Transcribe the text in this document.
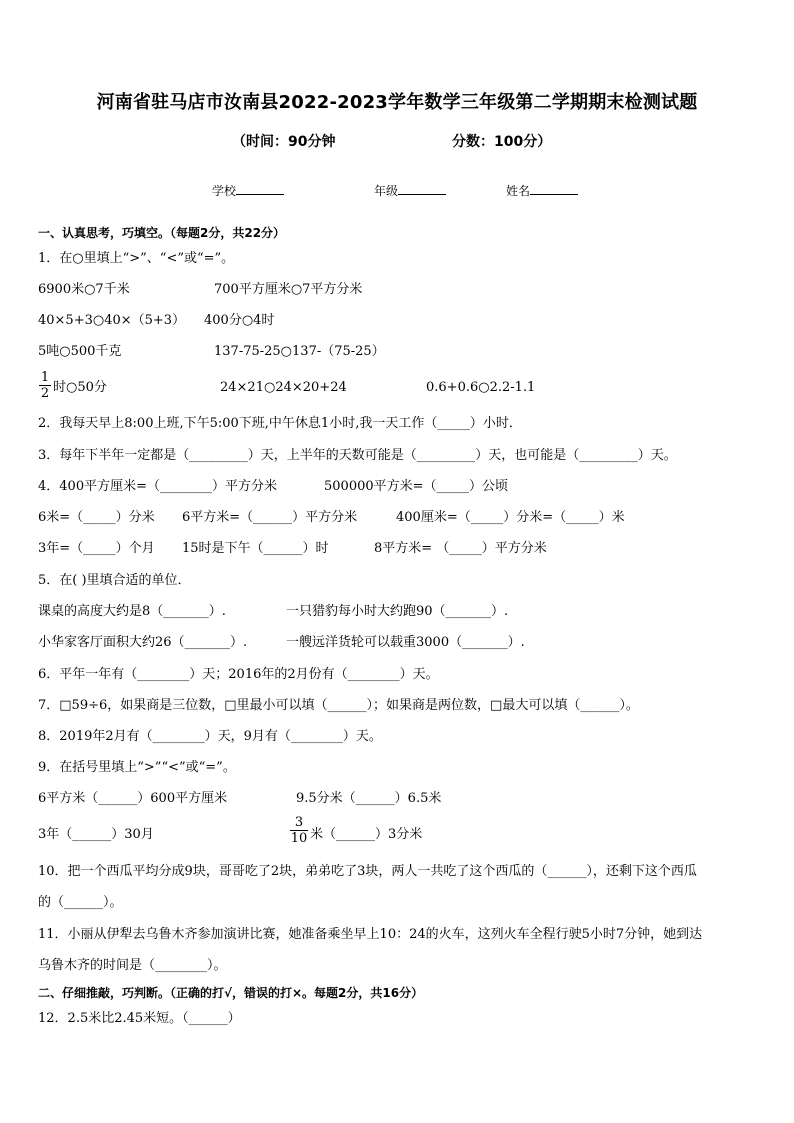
河南省驻马店市汝南县2022-2023学年数学三年级第二学期期末检测试题
（时间：90分钟	分数：100分）
学校	年级	姓名
一、认真思考，巧填空。（每题2分，共22分）
1．在○里填上“>”、“<”或“=”。
6900米○7千米	700平方厘米○7平方分米
40×5+3○40×（5+3） 400分○4时
5吨○500千克	137-75-25○137-（75-25）
$\frac{1}{2}$ 时○50分	24×21○24×20+24	0.6+0.6○2.2-1.1
2．我每天早上8:00上班,下午5:00下班,中午休息1小时,我一天工作（_____）小时．
3．每年下半年一定都是（_________）天，上半年的天数可能是（_________）天，也可能是（_________）天。
4．400平方厘米=（________）平方分米	500000平方米=（_____）公顷
6米=（_____）分米 6平方米=（______）平方分米	400厘米=（_____）分米=（_____）米
3年=（_____）个月 15时是下午（______）时	8平方米= （_____）平方分米
5．在( )里填合适的单位．
课桌的高度大约是8（_______）.	一只猎豹每小时大约跑90（_______）.
小华家客厅面积大约26（_______）.	一艘远洋货轮可以载重3000（_______）.
6．平年一年有（________）天；2016年的2月份有（________）天。
7．□59÷6，如果商是三位数，□里最小可以填（______）；如果商是两位数，□最大可以填（______）。
8．2019年2月有（________）天，9月有（________）天。
9．在括号里填上“>”“<”或“=”。
6平方米（______）600平方厘米	9.5分米（______）6.5米
3年（______）30月	$\frac{3}{10}$ 米（______）3分米
10．把一个西瓜平均分成9块，哥哥吃了2块，弟弟吃了3块，两人一共吃了这个西瓜的（______），还剩下这个西瓜
的（______）。
11．小丽从伊犁去乌鲁木齐参加演讲比赛，她准备乘坐早上10：24的火车，这列火车全程行驶5小时7分钟，她到达
乌鲁木齐的时间是（________）。
二、仔细推敲，巧判断。（正确的打√，错误的打×。每题2分，共16分）
12．2.5米比2.45米短。（______）
